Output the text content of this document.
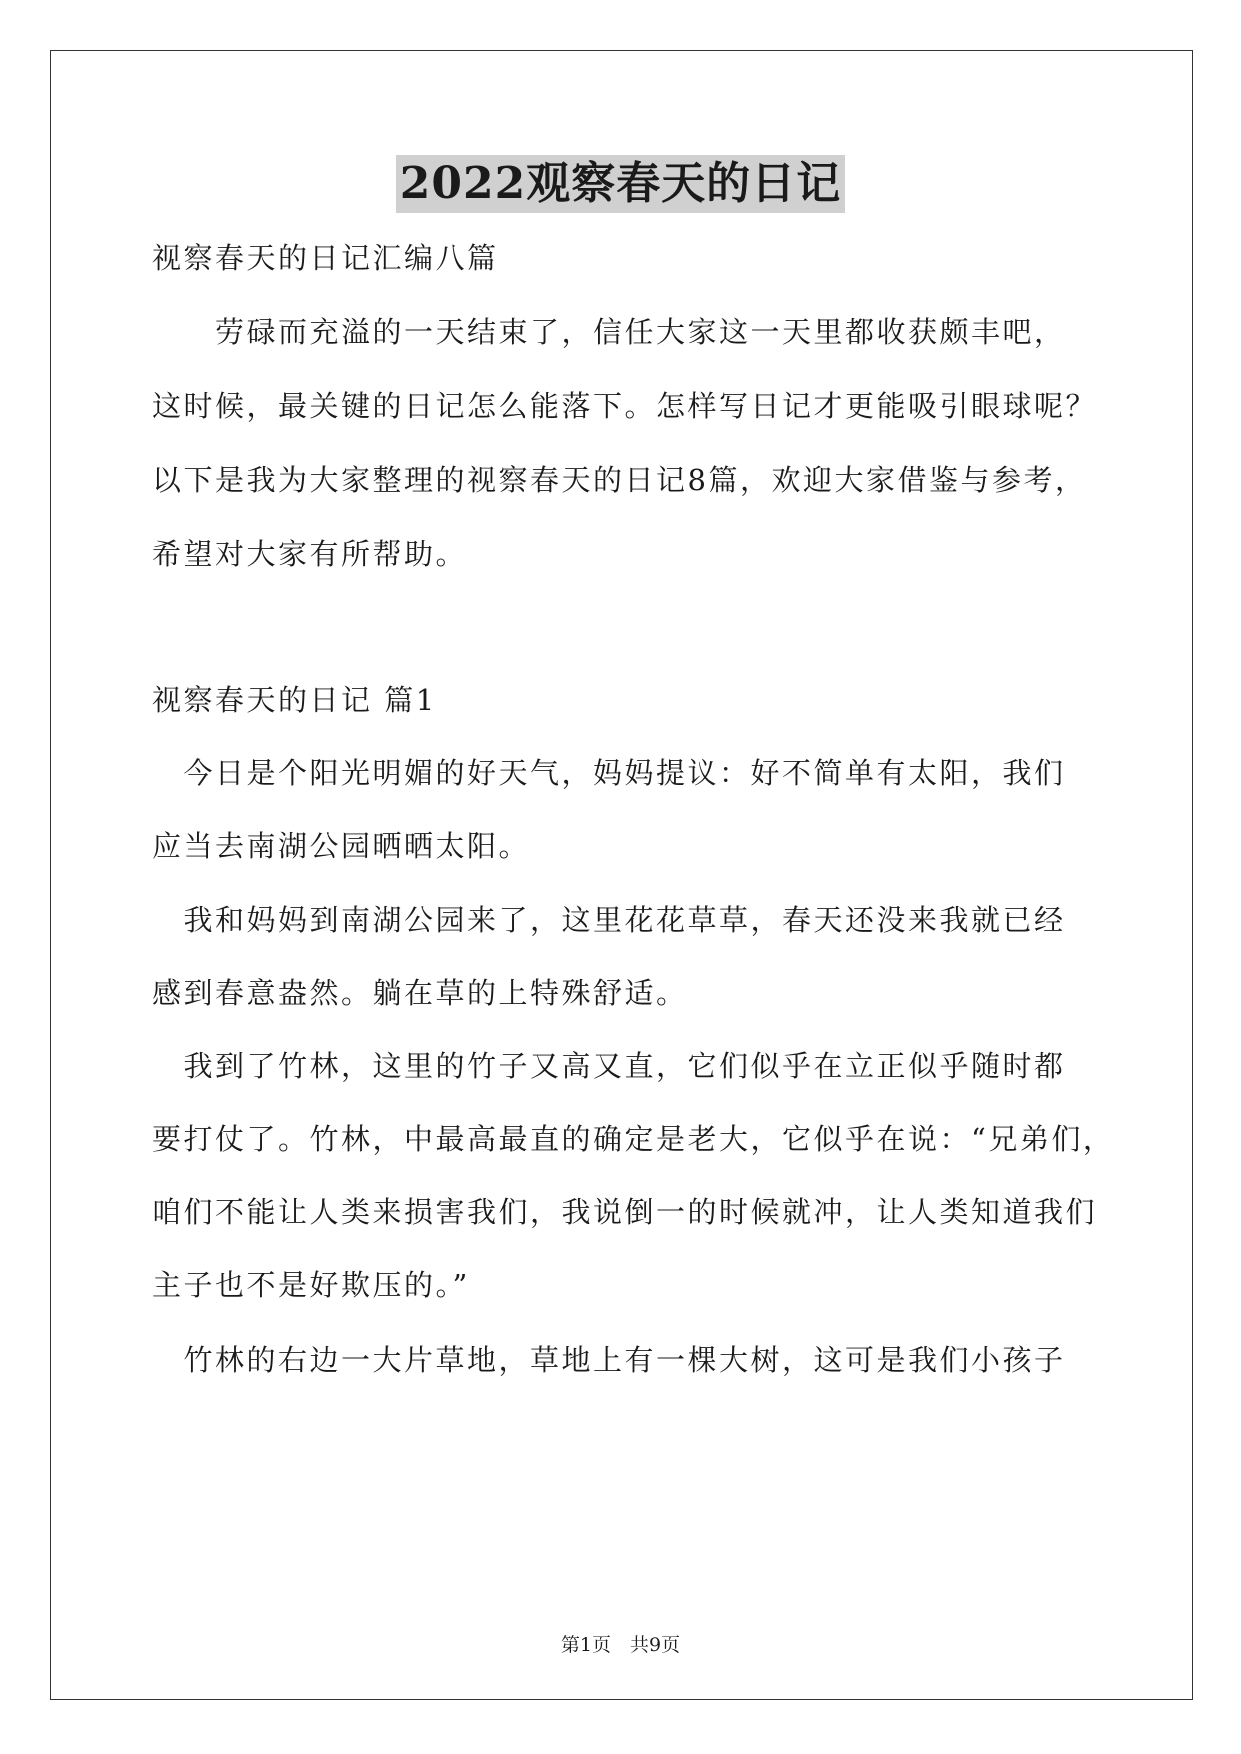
2022观察春天的日记
视察春天的日记汇编八篇
　　劳碌而充溢的一天结束了，信任大家这一天里都收获颇丰吧，
这时候，最关键的日记怎么能落下。怎样写日记才更能吸引眼球呢？
以下是我为大家整理的视察春天的日记8篇，欢迎大家借鉴与参考，
希望对大家有所帮助。
视察春天的日记 篇1
　今日是个阳光明媚的好天气，妈妈提议：好不简单有太阳，我们
应当去南湖公园晒晒太阳。
　我和妈妈到南湖公园来了，这里花花草草，春天还没来我就已经
感到春意盎然。躺在草的上特殊舒适。
　我到了竹林，这里的竹子又高又直，它们似乎在立正似乎随时都
要打仗了。竹林，中最高最直的确定是老大，它似乎在说：“兄弟们，
咱们不能让人类来损害我们，我说倒一的时候就冲，让人类知道我们
主子也不是好欺压的。”
　竹林的右边一大片草地，草地上有一棵大树，这可是我们小孩子
第1页　共9页
